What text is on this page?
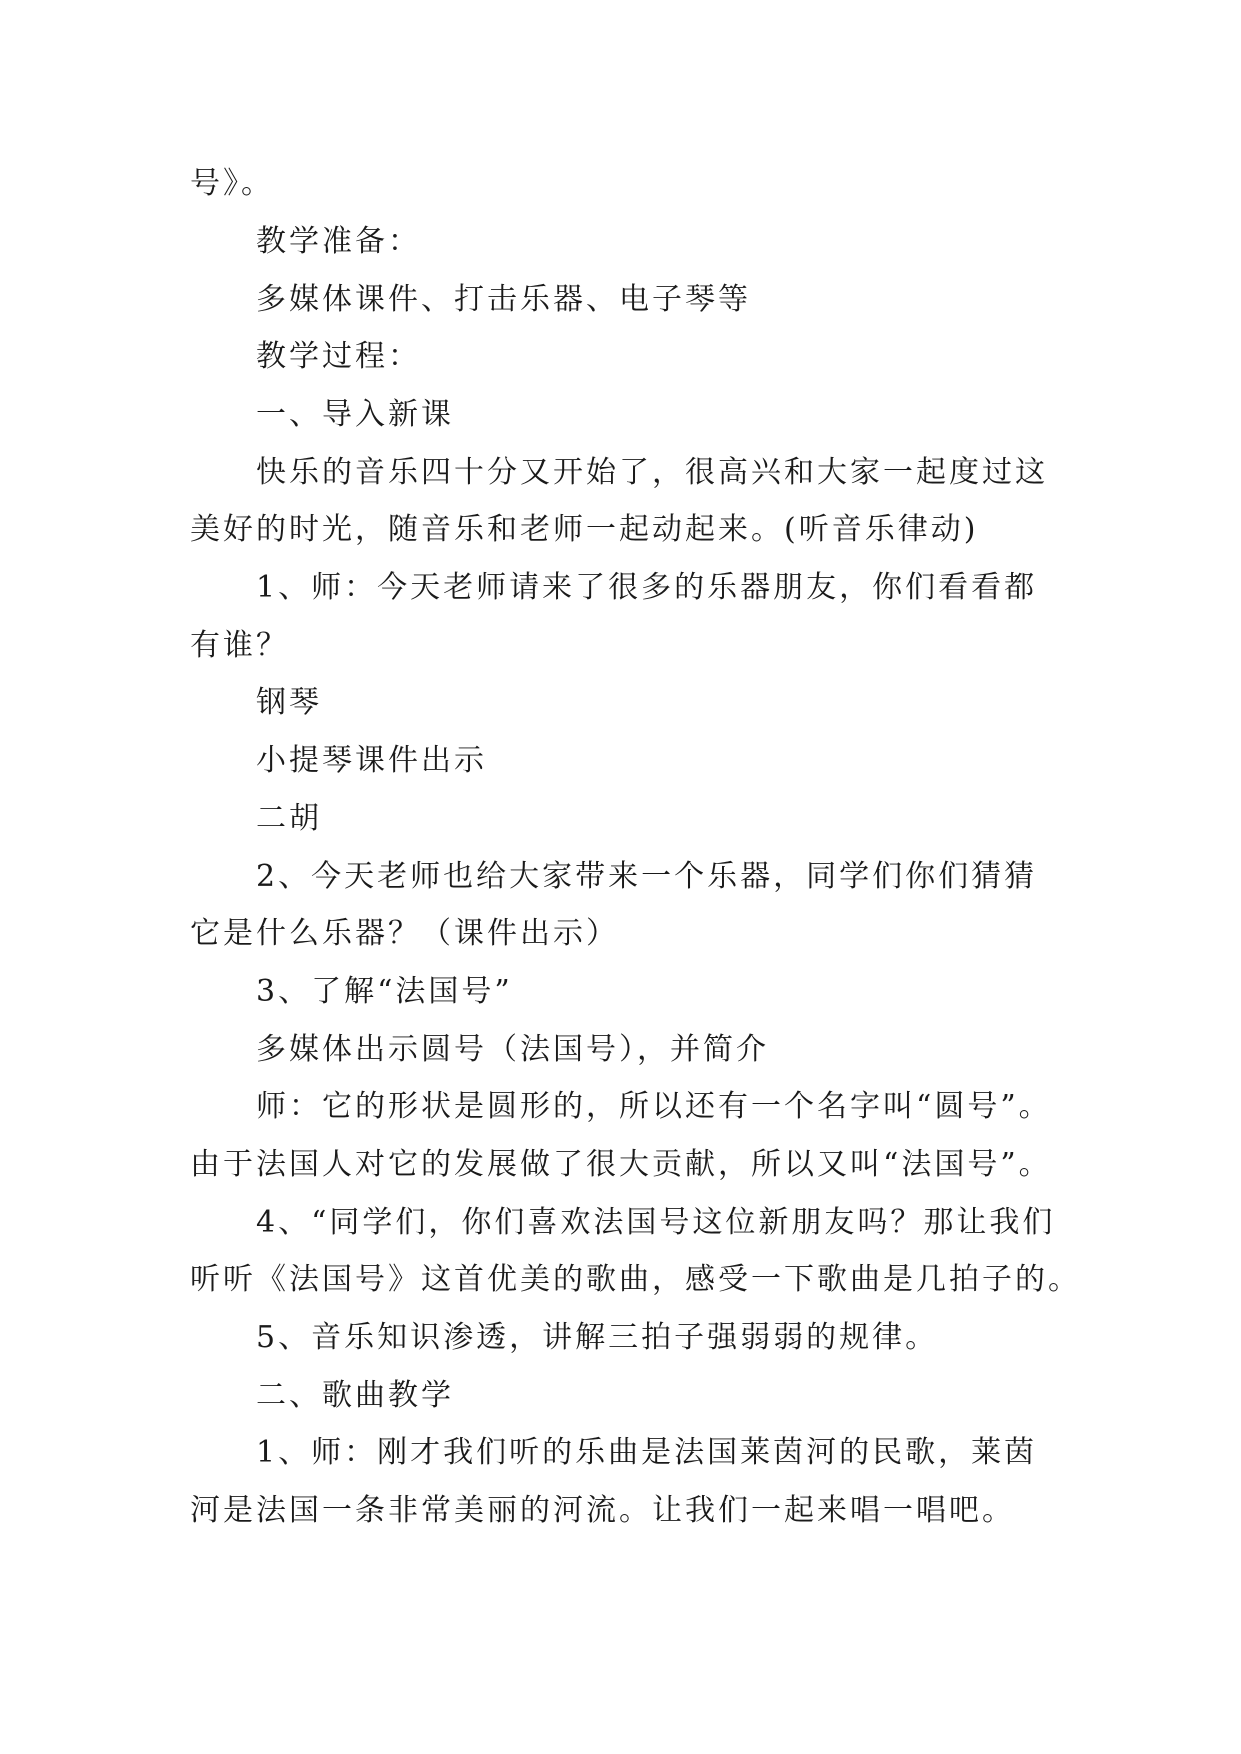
号》。
教学准备：
多媒体课件、打击乐器、电子琴等
教学过程：
一、导入新课
快乐的音乐四十分又开始了，很高兴和大家一起度过这
美好的时光，随音乐和老师一起动起来。(听音乐律动)
1、师：今天老师请来了很多的乐器朋友，你们看看都
有谁？
钢琴
小提琴课件出示
二胡
2、今天老师也给大家带来一个乐器，同学们你们猜猜
它是什么乐器？（课件出示）
3、了解“法国号”
多媒体出示圆号（法国号），并简介
师：它的形状是圆形的，所以还有一个名字叫“圆号”。
由于法国人对它的发展做了很大贡献，所以又叫“法国号”。
4、“同学们，你们喜欢法国号这位新朋友吗？那让我们
听听《法国号》这首优美的歌曲，感受一下歌曲是几拍子的。
5、音乐知识渗透，讲解三拍子强弱弱的规律。
二、歌曲教学
1、师：刚才我们听的乐曲是法国莱茵河的民歌，莱茵
河是法国一条非常美丽的河流。让我们一起来唱一唱吧。
